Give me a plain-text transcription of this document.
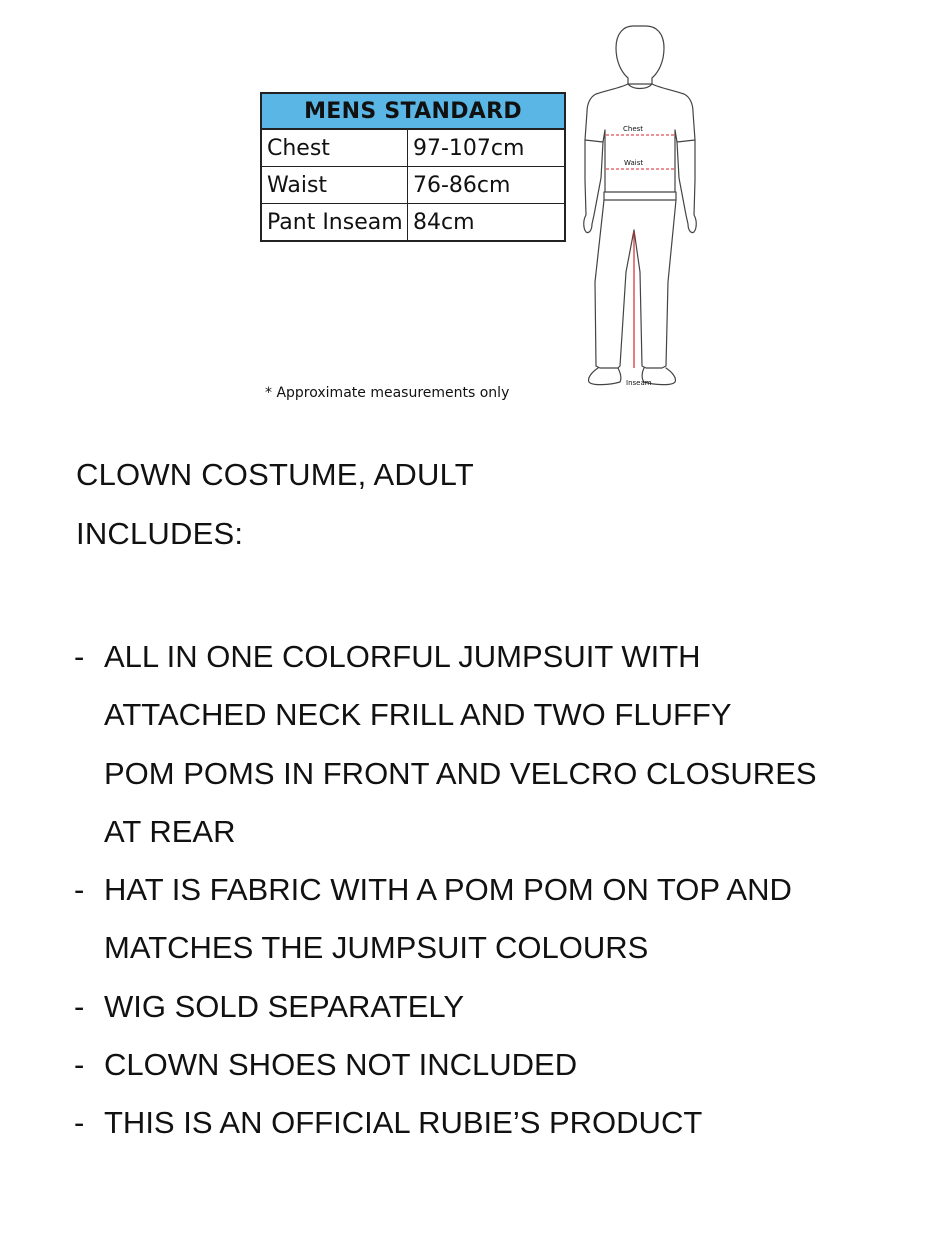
MENS STANDARD	
Chest	97-107cm
Waist	76-86cm
Pant Inseam	84cm
* Approximate measurements only
Chest
Waist
Inseam
CLOWN COSTUME, ADULT
INCLUDES:
- ALL IN ONE COLORFUL JUMPSUIT WITH
ATTACHED NECK FRILL AND TWO FLUFFY
POM POMS IN FRONT AND VELCRO CLOSURES
AT REAR
- HAT IS FABRIC WITH A POM POM ON TOP AND
MATCHES THE JUMPSUIT COLOURS
- WIG SOLD SEPARATELY
- CLOWN SHOES NOT INCLUDED
- THIS IS AN OFFICIAL RUBIE’S PRODUCT
